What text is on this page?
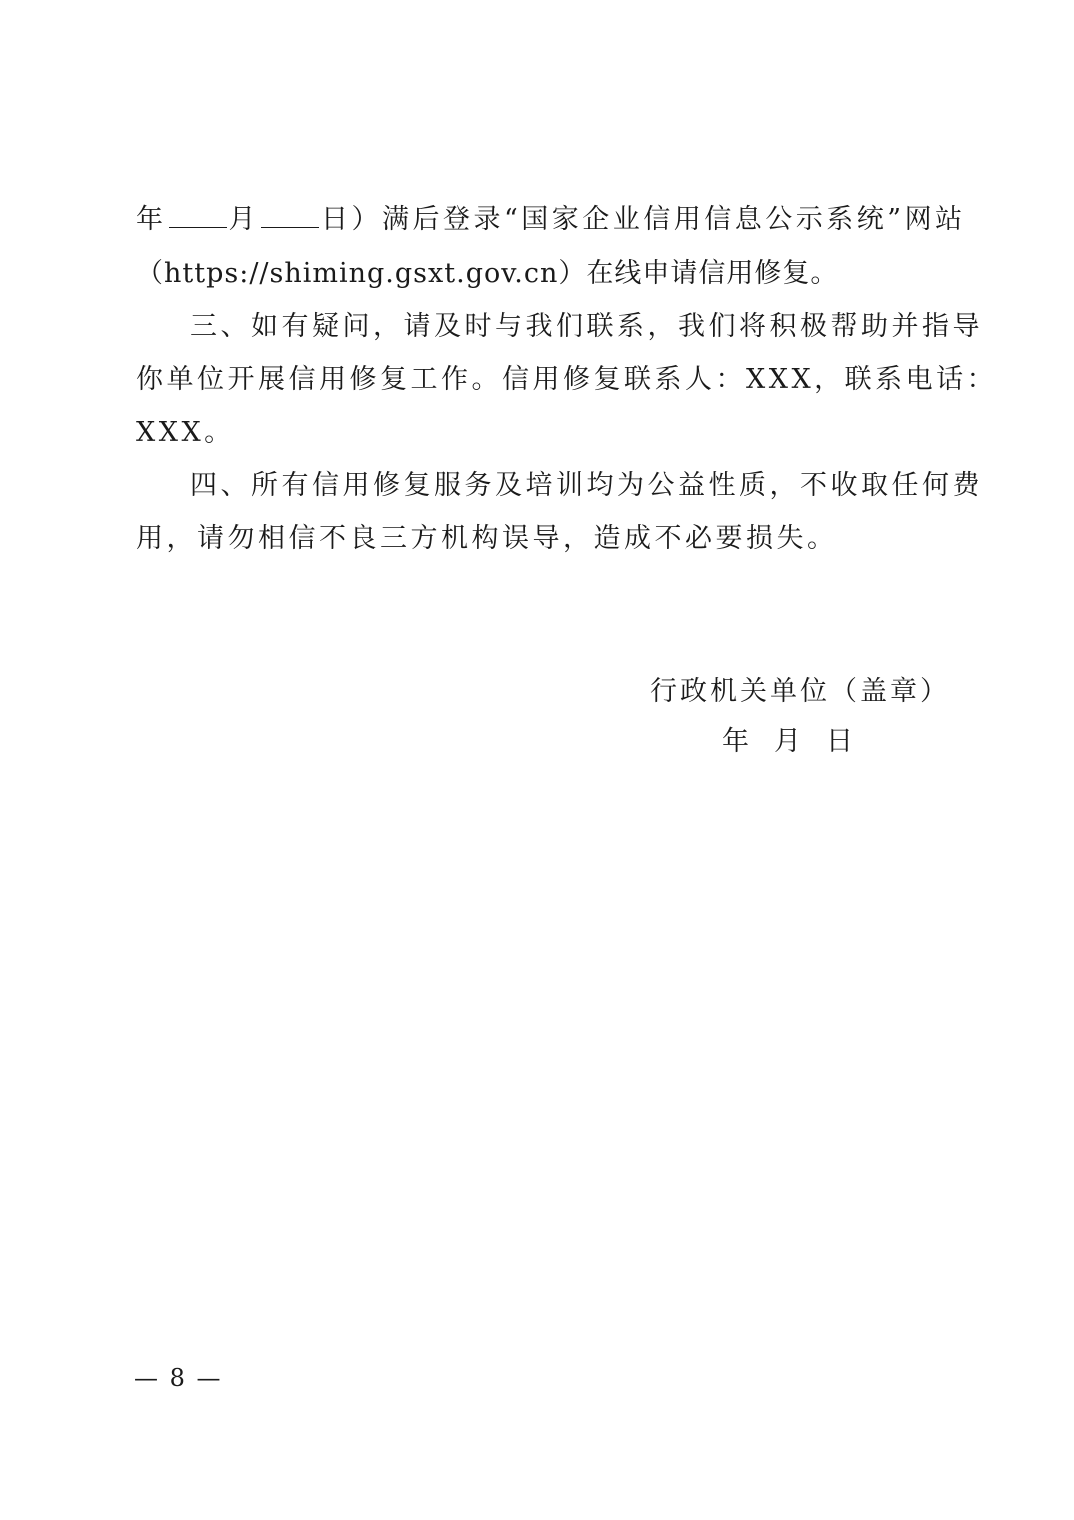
年 月 日）满后登录“国家企业信用信息公示系统”网站
（https://shiming.gsxt.gov.cn）在线申请信用修复。
三、如有疑问，请及时与我们联系，我们将积极帮助并指导
你单位开展信用修复工作。信用修复联系人：XXX，联系电话：
XXX。
四、所有信用修复服务及培训均为公益性质，不收取任何费
用，请勿相信不良三方机构误导，造成不必要损失。
行政机关单位（盖章）
年 月 日
— 8 —
